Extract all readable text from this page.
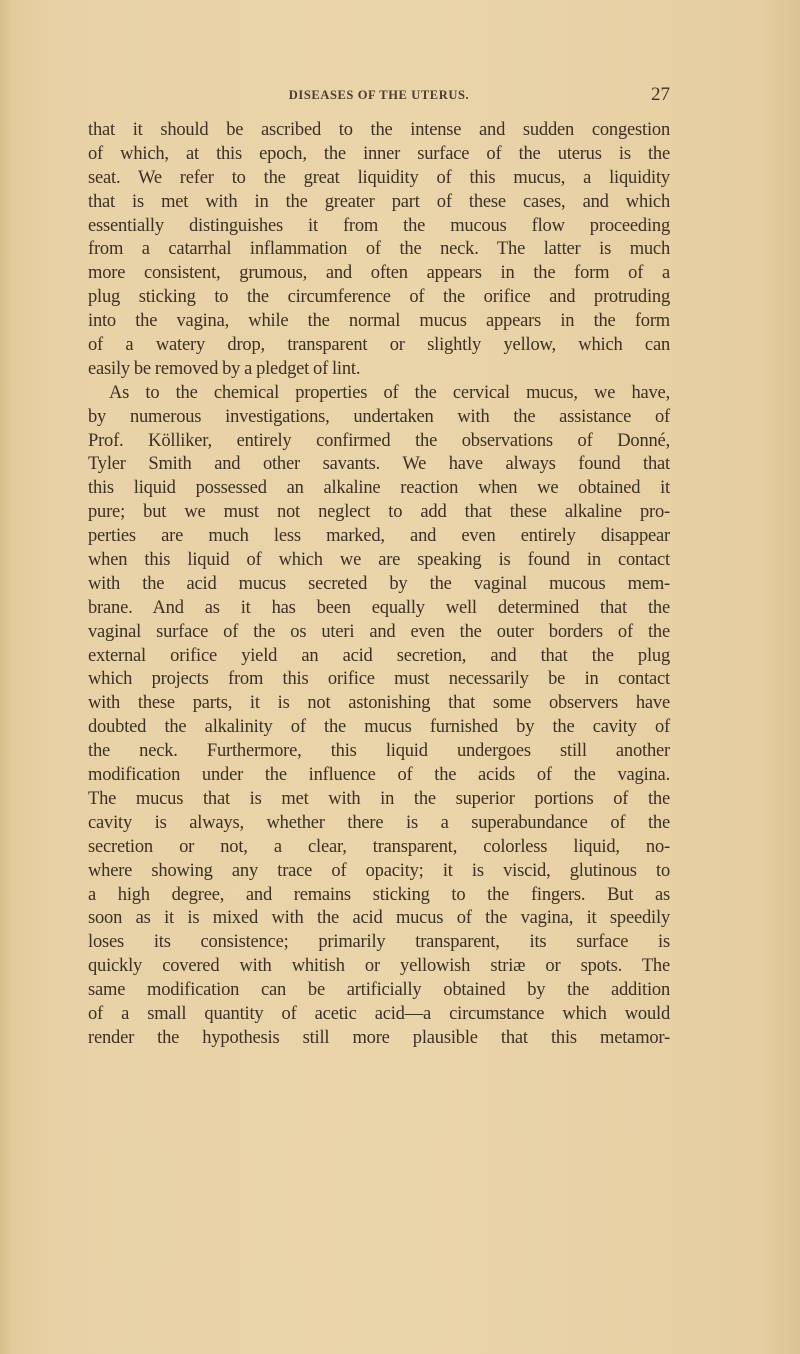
DISEASES OF THE UTERUS.	27
that it should be ascribed to the intense and sudden congestion
of which, at this epoch, the inner surface of the uterus is the
seat. We refer to the great liquidity of this mucus, a liquidity
that is met with in the greater part of these cases, and which
essentially distinguishes it from the mucous flow proceeding
from a catarrhal inflammation of the neck. The latter is much
more consistent, grumous, and often appears in the form of a
plug sticking to the circumference of the orifice and protruding
into the vagina, while the normal mucus appears in the form
of a watery drop, transparent or slightly yellow, which can
easily be removed by a pledget of lint.
As to the chemical properties of the cervical mucus, we have,
by numerous investigations, undertaken with the assistance of
Prof. Kölliker, entirely confirmed the observations of Donné,
Tyler Smith and other savants. We have always found that
this liquid possessed an alkaline reaction when we obtained it
pure; but we must not neglect to add that these alkaline pro-
perties are much less marked, and even entirely disappear
when this liquid of which we are speaking is found in contact
with the acid mucus secreted by the vaginal mucous mem-
brane. And as it has been equally well determined that the
vaginal surface of the os uteri and even the outer borders of the
external orifice yield an acid secretion, and that the plug
which projects from this orifice must necessarily be in contact
with these parts, it is not astonishing that some observers have
doubted the alkalinity of the mucus furnished by the cavity of
the neck. Furthermore, this liquid undergoes still another
modification under the influence of the acids of the vagina.
The mucus that is met with in the superior portions of the
cavity is always, whether there is a superabundance of the
secretion or not, a clear, transparent, colorless liquid, no-
where showing any trace of opacity; it is viscid, glutinous to
a high degree, and remains sticking to the fingers. But as
soon as it is mixed with the acid mucus of the vagina, it speedily
loses its consistence; primarily transparent, its surface is
quickly covered with whitish or yellowish striæ or spots. The
same modification can be artificially obtained by the addition
of a small quantity of acetic acid—a circumstance which would
render the hypothesis still more plausible that this metamor-
